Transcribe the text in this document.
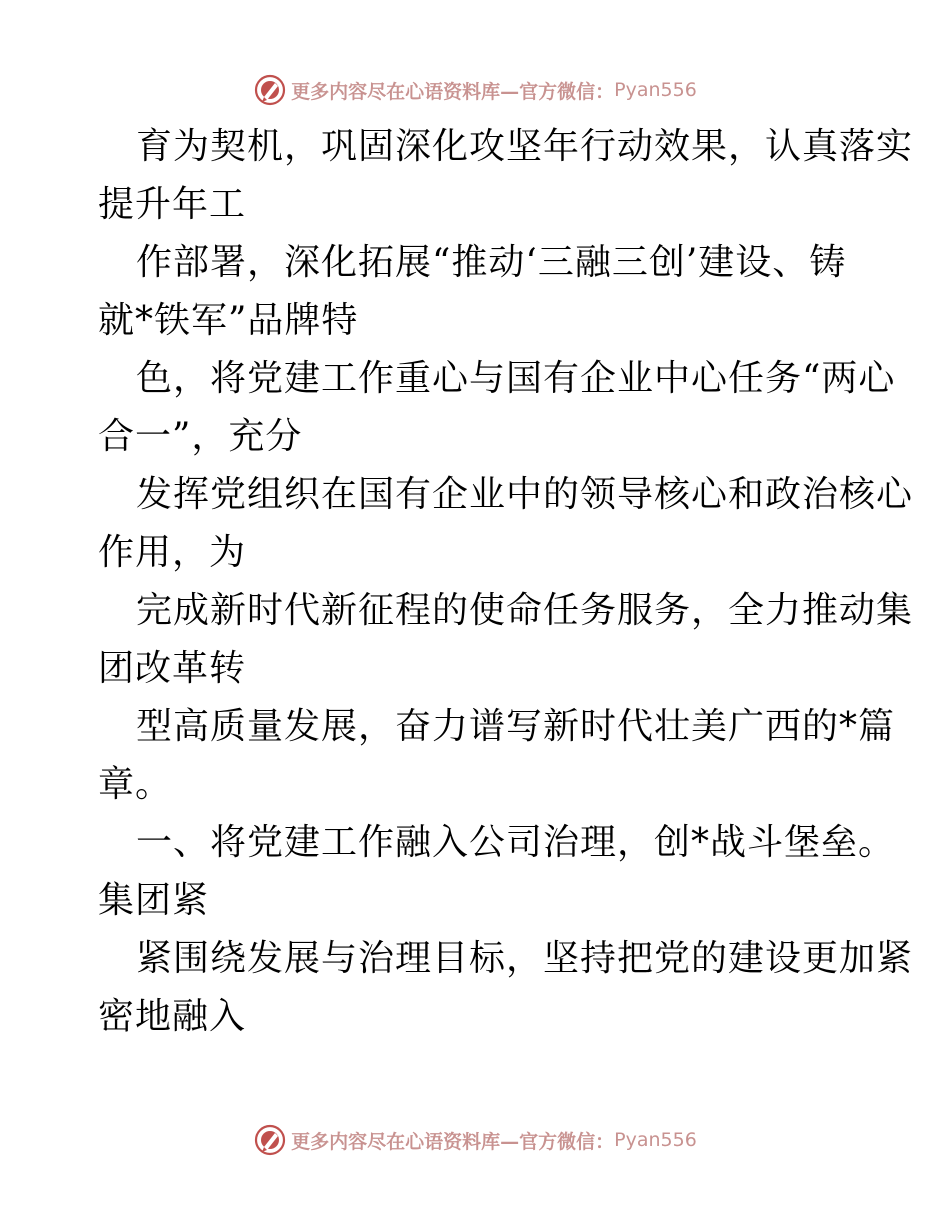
更多内容尽在心语资料库—官方微信： Pyan556
育为契机，巩固深化攻坚年行动效果，认真落实
提升年工
作部署，深化拓展“推动‘三融三创’建设、铸
就*铁军”品牌特
色，将党建工作重心与国有企业中心任务“两心
合一”，充分
发挥党组织在国有企业中的领导核心和政治核心
作用，为
完成新时代新征程的使命任务服务，全力推动集
团改革转
型高质量发展，奋力谱写新时代壮美广西的*篇
章。
一、将党建工作融入公司治理，创*战斗堡垒。
集团紧
紧围绕发展与治理目标，坚持把党的建设更加紧
密地融入
更多内容尽在心语资料库—官方微信： Pyan556
